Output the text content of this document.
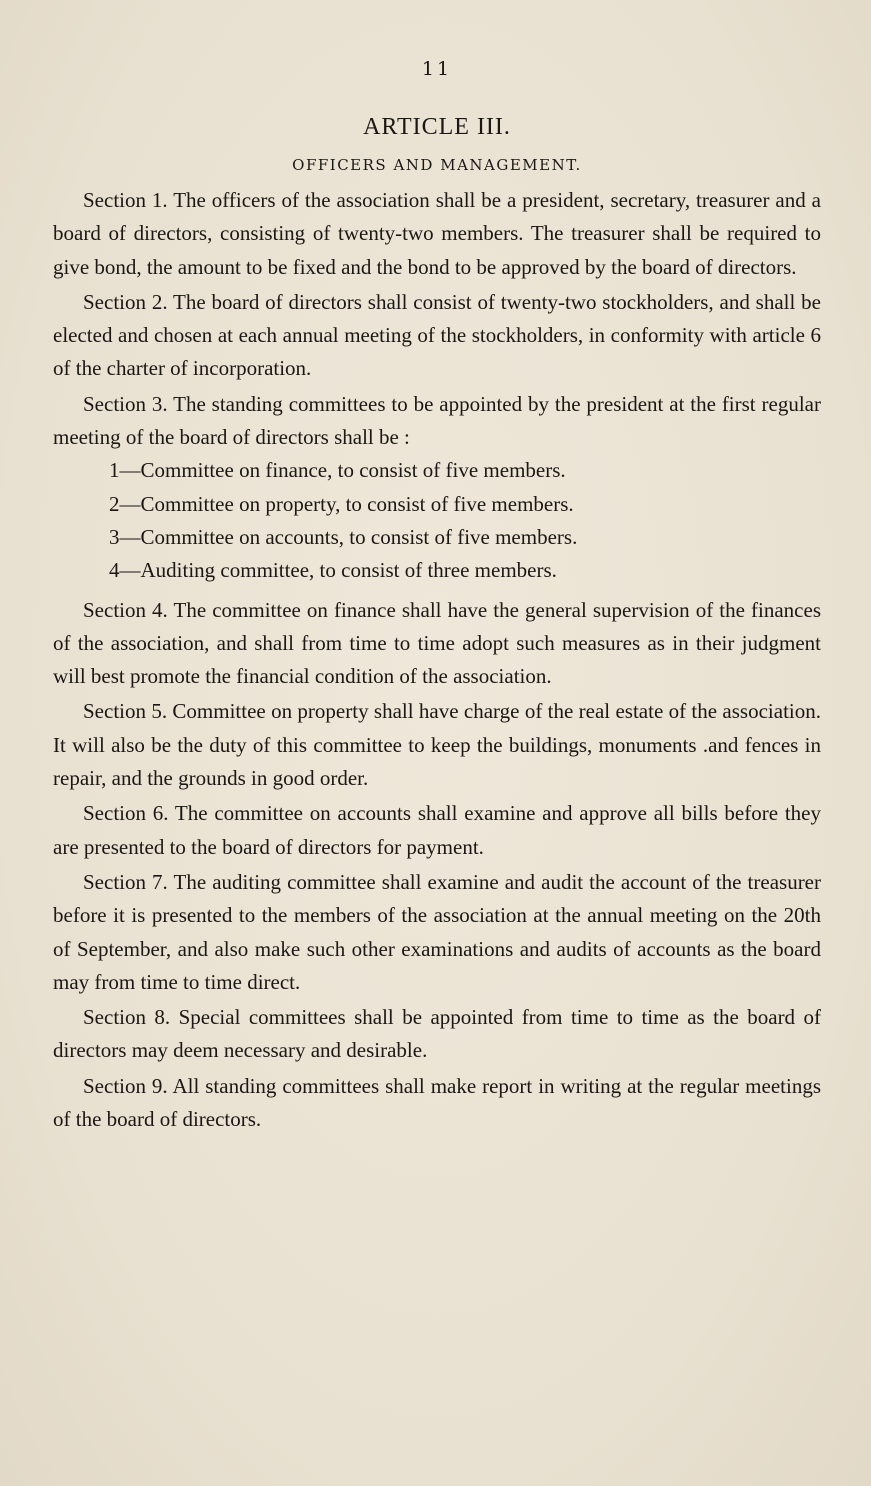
11
ARTICLE III.
OFFICERS AND MANAGEMENT.

Section 1. The officers of the association shall be a president, secretary, treasurer and a board of directors, consisting of twenty-two members. The treasurer shall be required to give bond, the amount to be fixed and the bond to be approved by the board of directors.

Section 2. The board of directors shall consist of twenty-two stockholders, and shall be elected and chosen at each annual meeting of the stockholders, in conformity with article 6 of the charter of incorporation.

Section 3. The standing committees to be appointed by the president at the first regular meeting of the board of directors shall be :

1—Committee on finance, to consist of five members.
2—Committee on property, to consist of five members.
3—Committee on accounts, to consist of five members.
4—Auditing committee, to consist of three members.

Section 4. The committee on finance shall have the general supervision of the finances of the association, and shall from time to time adopt such measures as in their judgment will best promote the financial condition of the association.

Section 5. Committee on property shall have charge of the real estate of the association. It will also be the duty of this committee to keep the buildings, monuments .and fences in repair, and the grounds in good order.

Section 6. The committee on accounts shall examine and approve all bills before they are presented to the board of directors for payment.

Section 7. The auditing committee shall examine and audit the account of the treasurer before it is presented to the members of the association at the annual meeting on the 20th of September, and also make such other examinations and audits of accounts as the board may from time to time direct.

Section 8. Special committees shall be appointed from time to time as the board of directors may deem necessary and desirable.

Section 9. All standing committees shall make report in writing at the regular meetings of the board of directors.
